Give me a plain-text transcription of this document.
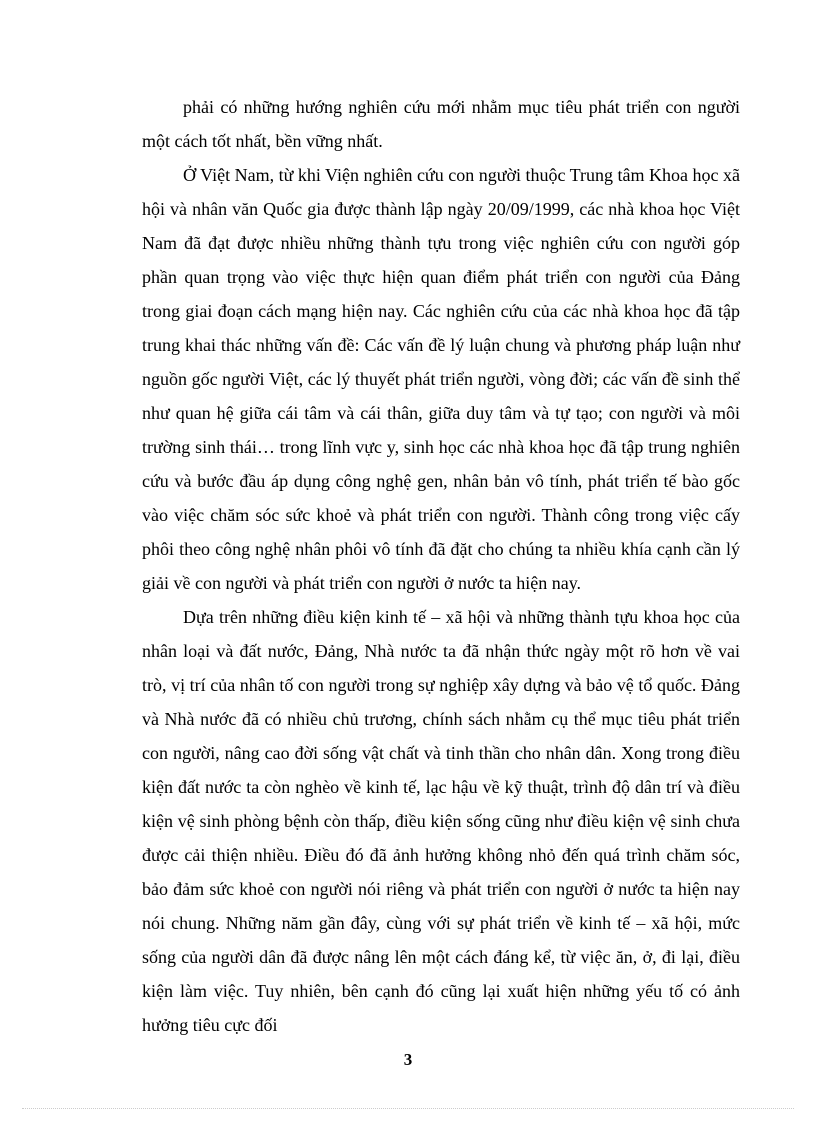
phải có những hướng nghiên cứu mới nhằm mục tiêu phát triển con người một cách tốt nhất, bền vững nhất.

Ở Việt Nam, từ khi Viện nghiên cứu con người thuộc Trung tâm Khoa học xã hội và nhân văn Quốc gia được thành lập ngày 20/09/1999, các nhà khoa học Việt Nam đã đạt được nhiều những thành tựu trong việc nghiên cứu con người góp phần quan trọng vào việc thực hiện quan điểm phát triển con người của Đảng trong giai đoạn cách mạng hiện nay. Các nghiên cứu của các nhà khoa học đã tập trung khai thác những vấn đề: Các vấn đề lý luận chung và phương pháp luận như nguồn gốc người Việt, các lý thuyết phát triển người, vòng đời; các vấn đề sinh thể như quan hệ giữa cái tâm và cái thân, giữa duy tâm và tự tạo; con người và môi trường sinh thái… trong lĩnh vực y, sinh học các nhà khoa học đã tập trung nghiên cứu và bước đầu áp dụng công nghệ gen, nhân bản vô tính, phát triển tế bào gốc vào việc chăm sóc sức khoẻ và phát triển con người. Thành công trong việc cấy phôi theo công nghệ nhân phôi vô tính đã đặt cho chúng ta nhiều khía cạnh cần lý giải về con người và phát triển con người ở nước ta hiện nay.

Dựa trên những điều kiện kinh tế – xã hội và những thành tựu khoa học của nhân loại và đất nước, Đảng, Nhà nước ta đã nhận thức ngày một rõ hơn về vai trò, vị trí của nhân tố con người trong sự nghiệp xây dựng và bảo vệ tổ quốc. Đảng và Nhà nước đã có nhiều chủ trương, chính sách nhằm cụ thể mục tiêu phát triển con người, nâng cao đời sống vật chất và tinh thần cho nhân dân. Xong trong điều kiện đất nước ta còn nghèo về kinh tế, lạc hậu về kỹ thuật, trình độ dân trí và điều kiện vệ sinh phòng bệnh còn thấp, điều kiện sống cũng như điều kiện vệ sinh chưa được cải thiện nhiều. Điều đó đã ảnh hưởng không nhỏ đến quá trình chăm sóc, bảo đảm sức khoẻ con người nói riêng và phát triển con người ở nước ta hiện nay nói chung. Những năm gần đây, cùng với sự phát triển về kinh tế – xã hội, mức sống của người dân đã được nâng lên một cách đáng kể, từ việc ăn, ở, đi lại, điều kiện làm việc. Tuy nhiên, bên cạnh đó cũng lại xuất hiện những yếu tố có ảnh hưởng tiêu cực đối

3
